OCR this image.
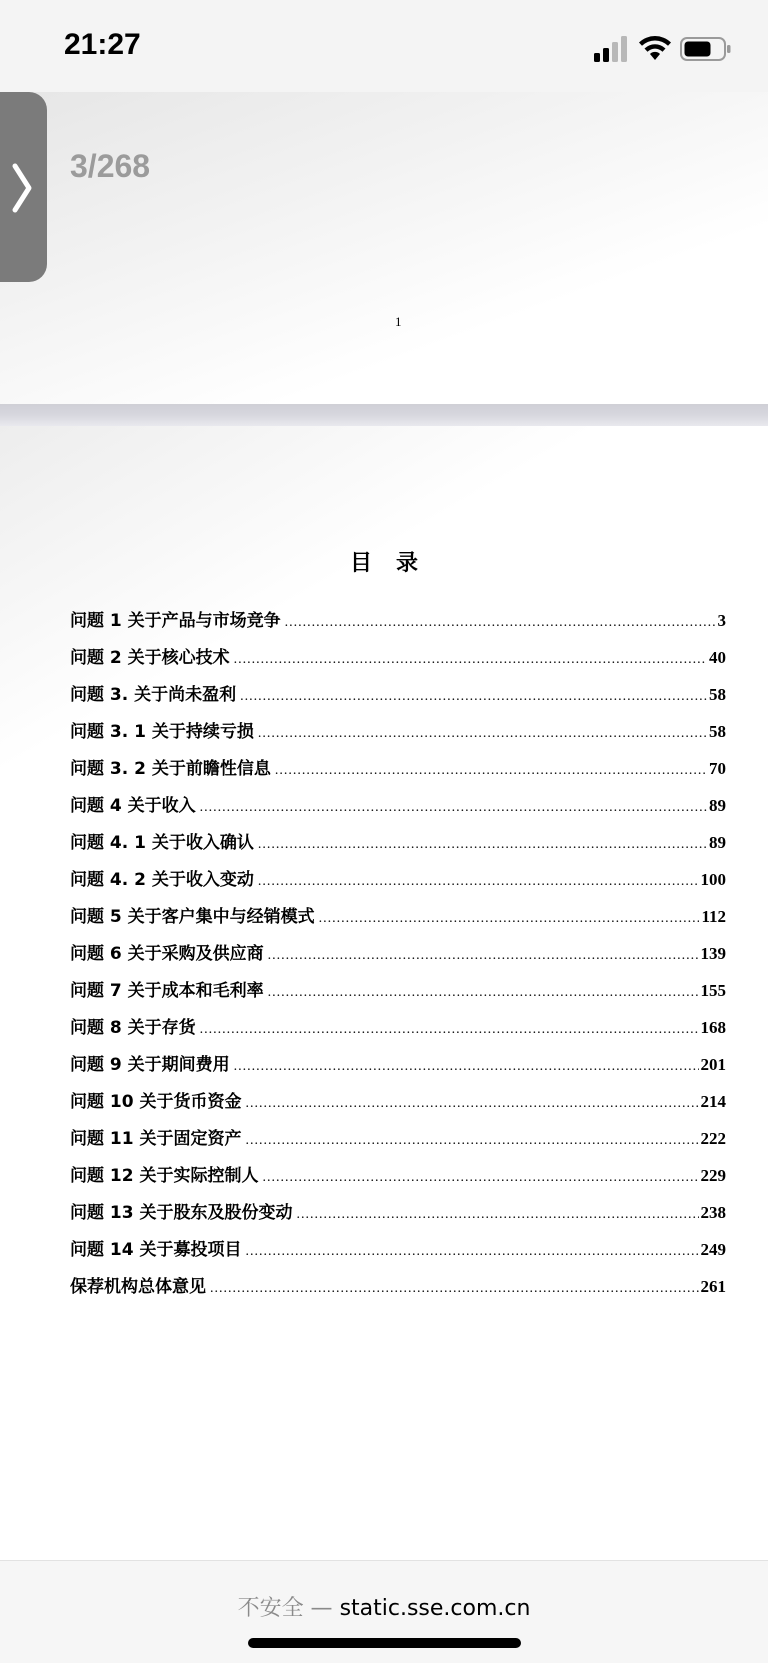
21:27
3/268
1
目录
问题 1 关于产品与市场竞争 .....	3
问题 2 关于核心技术 .....	40
问题 3. 关于尚未盈利 .....	58
问题 3. 1 关于持续亏损 .....	58
问题 3. 2 关于前瞻性信息 .....	70
问题 4 关于收入 .....	89
问题 4. 1 关于收入确认 .....	89
问题 4. 2 关于收入变动 .....	100
问题 5 关于客户集中与经销模式 .....	112
问题 6 关于采购及供应商 .....	139
问题 7 关于成本和毛利率 .....	155
问题 8 关于存货 .....	168
问题 9 关于期间费用 .....	201
问题 10 关于货币资金 .....	214
问题 11 关于固定资产 .....	222
问题 12 关于实际控制人 .....	229
问题 13 关于股东及股份变动 .....	238
问题 14 关于募投项目 .....	249
保荐机构总体意见 .....	261
不安全 — static.sse.com.cn
